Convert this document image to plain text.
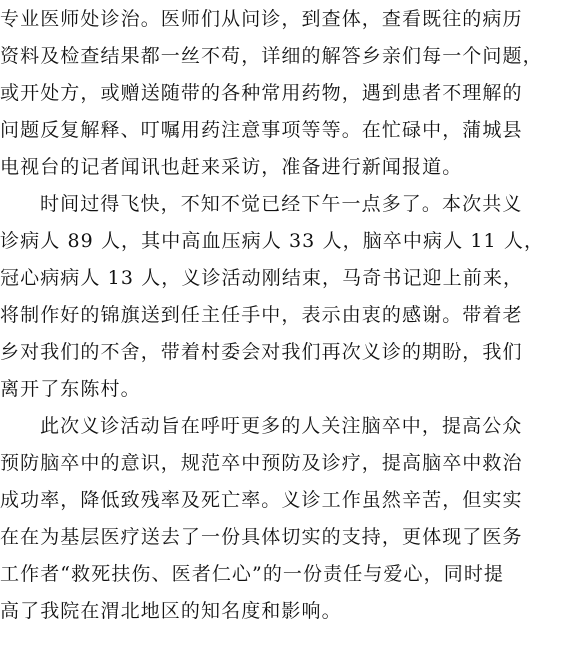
专业医师处诊治。医师们从问诊，到查体，查看既往的病历

资料及检查结果都一丝不苟，详细的解答乡亲们每一个问题，

或开处方，或赠送随带的各种常用药物，遇到患者不理解的

问题反复解释、叮嘱用药注意事项等等。在忙碌中，蒲城县

电视台的记者闻讯也赶来采访，准备进行新闻报道。

时间过得飞快，不知不觉已经下午一点多了。本次共义

诊病人 89 人，其中高血压病人 33 人，脑卒中病人 11 人，

冠心病病人 13 人，义诊活动刚结束，马奇书记迎上前来，

将制作好的锦旗送到任主任手中，表示由衷的感谢。带着老

乡对我们的不舍，带着村委会对我们再次义诊的期盼，我们

离开了东陈村。

此次义诊活动旨在呼吁更多的人关注脑卒中，提高公众

预防脑卒中的意识，规范卒中预防及诊疗，提高脑卒中救治

成功率，降低致残率及死亡率。义诊工作虽然辛苦，但实实

在在为基层医疗送去了一份具体切实的支持，更体现了医务

工作者“救死扶伤、医者仁心”的一份责任与爱心，同时提

高了我院在渭北地区的知名度和影响。
